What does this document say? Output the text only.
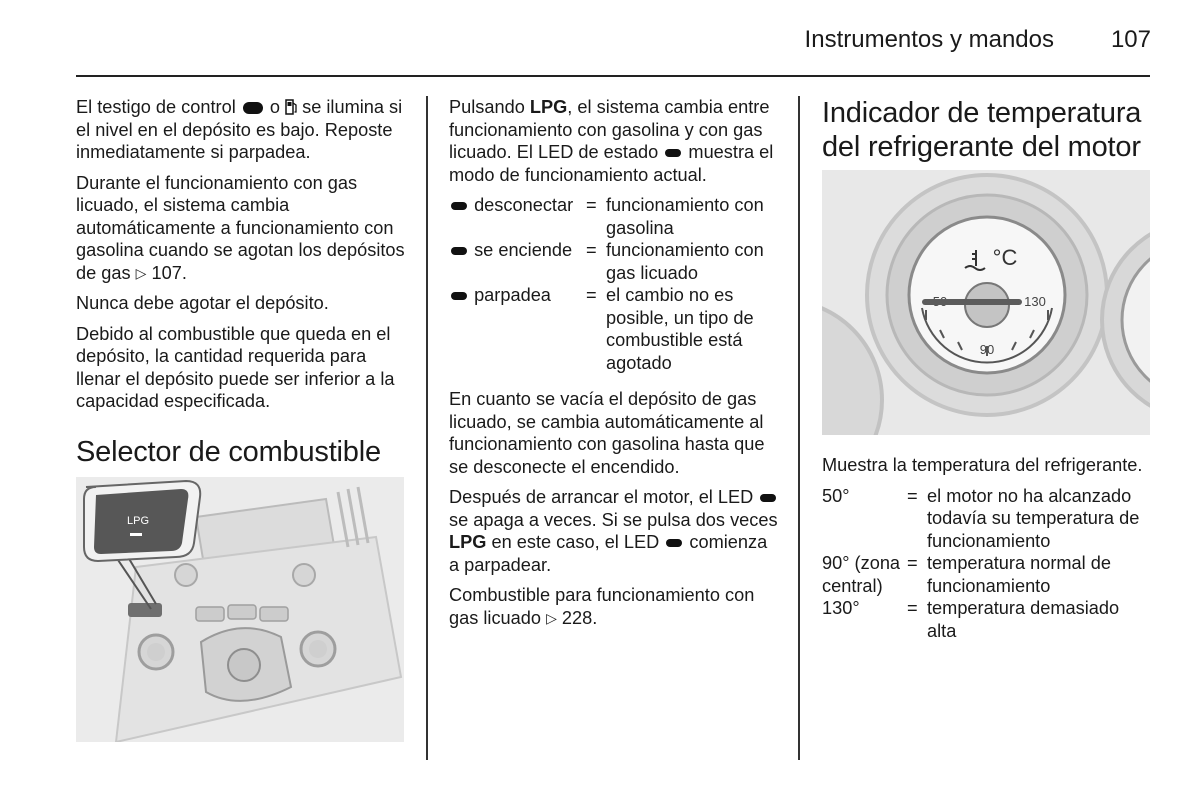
Instrumentos y mandos 107

El testigo de control o se ilumina si el nivel en el depósito es bajo. Reposte inmediatamente si parpadea.

Durante el funcionamiento con gas licuado, el sistema cambia automáticamente a funcionamiento con gasolina cuando se agotan los depósitos de gas ▷ 107.

Nunca debe agotar el depósito.

Debido al combustible que queda en el depósito, la cantidad requerida para llenar el depósito puede ser inferior a la capacidad especificada.

Selector de combustible
LPG

Pulsando LPG, el sistema cambia entre funcionamiento con gasolina y con gas licuado. El LED de estado muestra el modo de funcionamiento actual.

desconectar	=	funcionamiento con gasolina
se enciende	=	funcionamiento con gas licuado
parpadea	=	el cambio no es posible, un tipo de combustible está agotado

En cuanto se vacía el depósito de gas licuado, se cambia automáticamente al funcionamiento con gasolina hasta que se desconecte el encendido.

Después de arrancar el motor, el LED  se apaga a veces. Si se pulsa dos veces LPG en este caso, el LED comienza a parpadear.

Combustible para funcionamiento con gas licuado ▷ 228.

Indicador de temperatura del refrigerante del motor
°C
90
130

Muestra la temperatura del refrigerante.

50°	=	el motor no ha alcanzado todavía su temperatura de funcionamiento
90° (zona central)	=	temperatura normal de funcionamiento
130°	=	temperatura demasiado alta
